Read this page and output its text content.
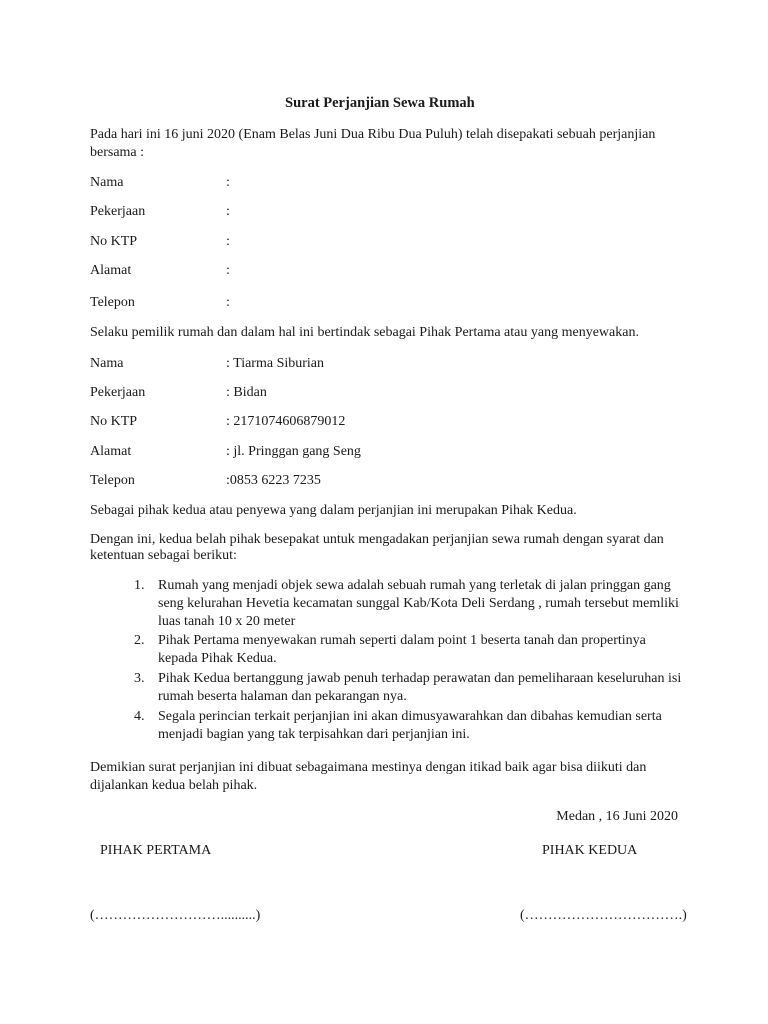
Surat Perjanjian Sewa Rumah
Pada hari ini 16 juni 2020 (Enam Belas Juni Dua Ribu Dua Puluh) telah disepakati sebuah perjanjian
bersama :
Nama	:
Pekerjaan	:
No KTP	:
Alamat	:
Telepon	:
Selaku pemilik rumah dan dalam hal ini bertindak sebagai Pihak Pertama atau yang menyewakan.
Nama	: Tiarma Siburian
Pekerjaan	: Bidan
No KTP	: 2171074606879012
Alamat	: jl. Pringgan gang Seng
Telepon	:0853 6223 7235
Sebagai pihak kedua atau penyewa yang dalam perjanjian ini merupakan Pihak Kedua.
Dengan ini, kedua belah pihak besepakat untuk mengadakan perjanjian sewa rumah dengan syarat dan
ketentuan sebagai berikut:
1. Rumah yang menjadi objek sewa adalah sebuah rumah yang terletak di jalan pringgan gang
seng kelurahan Hevetia kecamatan sunggal Kab/Kota Deli Serdang , rumah tersebut memliki
luas tanah 10 x 20 meter
2. Pihak Pertama menyewakan rumah seperti dalam point 1 beserta tanah dan propertinya
kepada Pihak Kedua.
3. Pihak Kedua bertanggung jawab penuh terhadap perawatan dan pemeliharaan keseluruhan isi
rumah beserta halaman dan pekarangan nya.
4. Segala perincian terkait perjanjian ini akan dimusyawarahkan dan dibahas kemudian serta
menjadi bagian yang tak terpisahkan dari perjanjian ini.
Demikian surat perjanjian ini dibuat sebagaimana mestinya dengan itikad baik agar bisa diikuti dan
dijalankan kedua belah pihak.
Medan , 16 Juni 2020
PIHAK PERTAMA	PIHAK KEDUA
(………………………..........)	(…………………………….)
